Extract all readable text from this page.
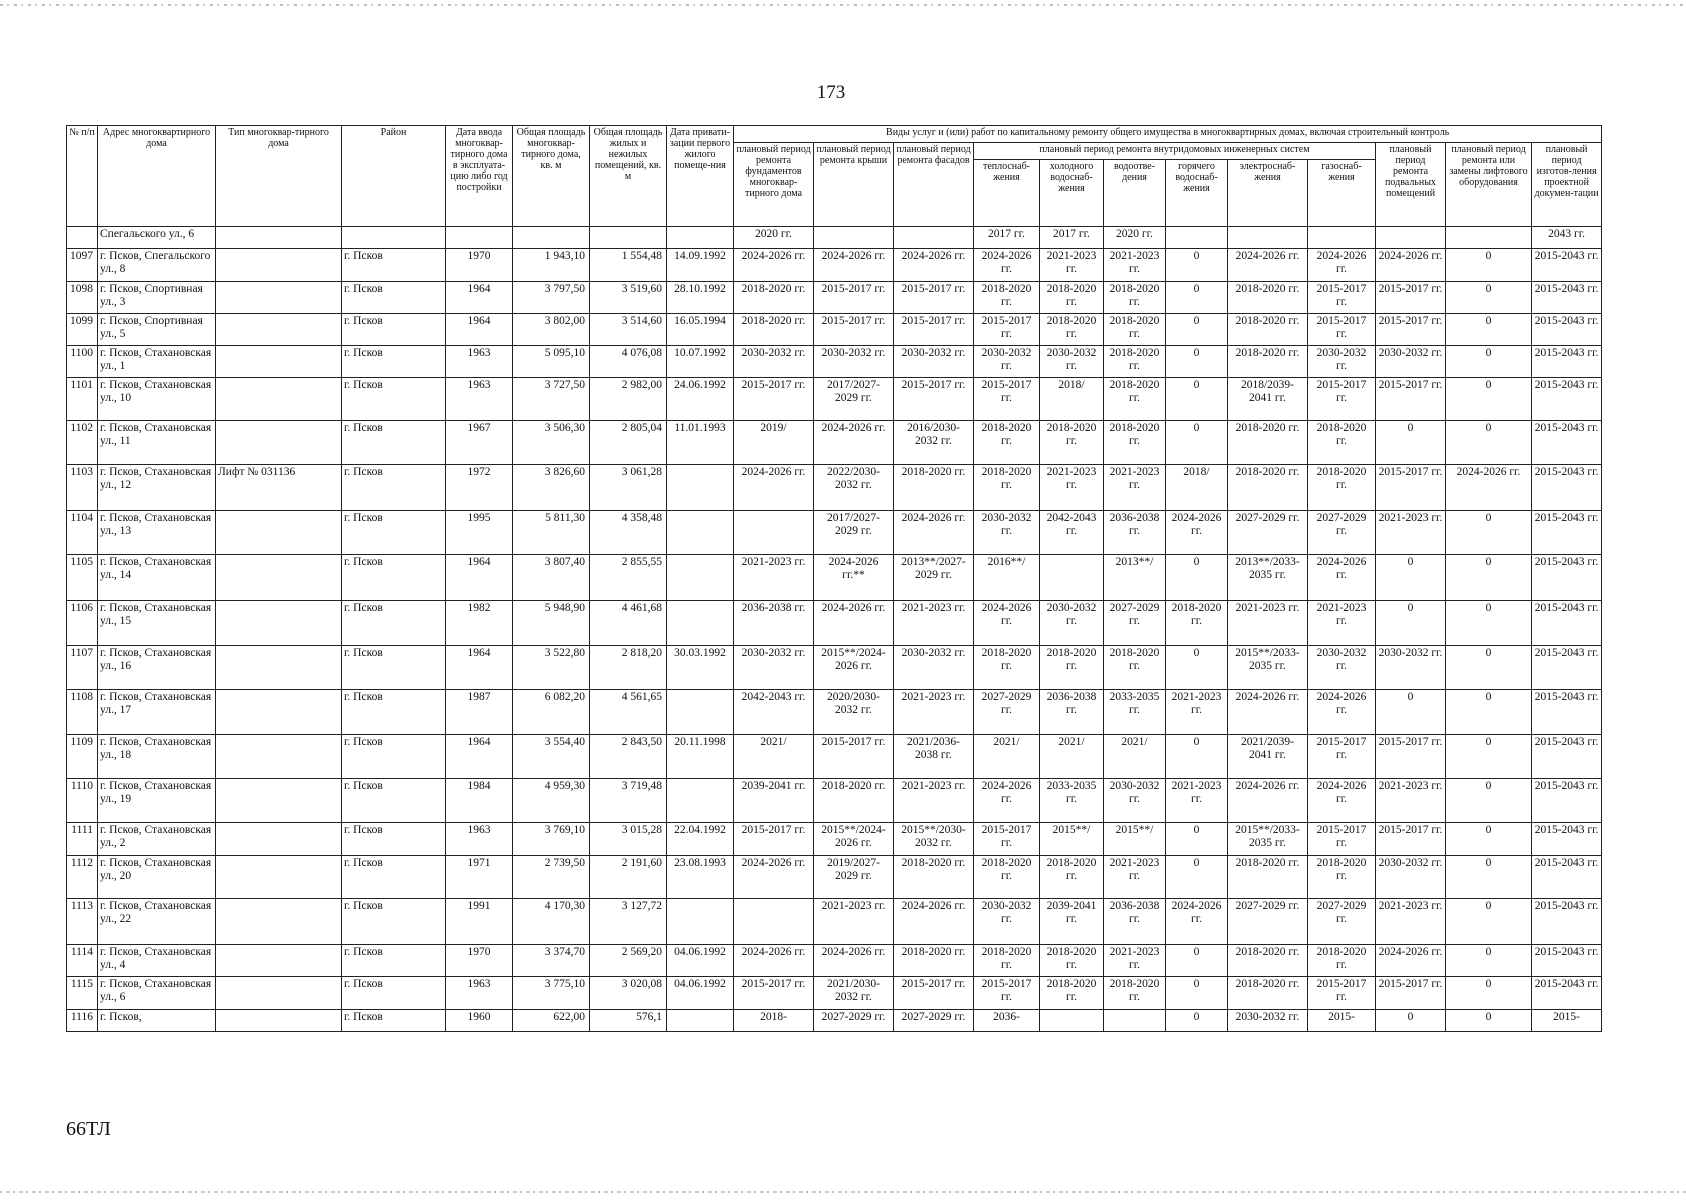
173
№ п/п	Адрес многоквартирного дома	Тип многоквар-тирного дома	Район	Дата ввода многоквар-тирного дома в эксплуата-цию либо год постройки	Общая площадь многоквар-тирного дома, кв. м	Общая площадь жилых и нежилых помещений, кв. м	Дата привати-зации первого жилого помеще-ния	Виды услуг и (или) работ по капитальному ремонту общего имущества в многоквартирных домах, включая строительный контроль											
								плановый период ремонта фундаментов многоквар-тирного дома	плановый период ремонта крыши	плановый период ремонта фасадов	плановый период ремонта внутридомовых инженерных систем						плановый период ремонта подвальных помещений	плановый период ремонта или замены лифтового оборудования	плановый период изготов-ления проектной докумен-тации
											теплоснаб-жения	холодного водоснаб-жения	водоотве-дения	горячего водоснаб-жения	электроснаб-жения	газоснаб-жения			
	Спегальского ул., 6							2020 гг.			2017 гг.	2017 гг.	2020 гг.						2043 гг.
1097	г. Псков, Спегальского ул., 8		г. Псков	1970	1 943,10	1 554,48	14.09.1992	2024-2026 гг.	2024-2026 гг.	2024-2026 гг.	2024-2026 гг.	2021-2023 гг.	2021-2023 гг.	0	2024-2026 гг.	2024-2026 гг.	2024-2026 гг.	0	2015-2043 гг.
1098	г. Псков, Спортивная ул., 3		г. Псков	1964	3 797,50	3 519,60	28.10.1992	2018-2020 гг.	2015-2017 гг.	2015-2017 гг.	2018-2020 гг.	2018-2020 гг.	2018-2020 гг.	0	2018-2020 гг.	2015-2017 гг.	2015-2017 гг.	0	2015-2043 гг.
1099	г. Псков, Спортивная ул., 5		г. Псков	1964	3 802,00	3 514,60	16.05.1994	2018-2020 гг.	2015-2017 гг.	2015-2017 гг.	2015-2017 гг.	2018-2020 гг.	2018-2020 гг.	0	2018-2020 гг.	2015-2017 гг.	2015-2017 гг.	0	2015-2043 гг.
1100	г. Псков, Стахановская ул., 1		г. Псков	1963	5 095,10	4 076,08	10.07.1992	2030-2032 гг.	2030-2032 гг.	2030-2032 гг.	2030-2032 гг.	2030-2032 гг.	2018-2020 гг.	0	2018-2020 гг.	2030-2032 гг.	2030-2032 гг.	0	2015-2043 гг.
1101	г. Псков, Стахановская ул., 10		г. Псков	1963	3 727,50	2 982,00	24.06.1992	2015-2017 гг.	2017/2027-2029 гг.	2015-2017 гг.	2015-2017 гг.	2018/	2018-2020 гг.	0	2018/2039-2041 гг.	2015-2017 гг.	2015-2017 гг.	0	2015-2043 гг.
1102	г. Псков, Стахановская ул., 11		г. Псков	1967	3 506,30	2 805,04	11.01.1993	2019/	2024-2026 гг.	2016/2030-2032 гг.	2018-2020 гг.	2018-2020 гг.	2018-2020 гг.	0	2018-2020 гг.	2018-2020 гг.	0	0	2015-2043 гг.
1103	г. Псков, Стахановская ул., 12	Лифт № 031136	г. Псков	1972	3 826,60	3 061,28		2024-2026 гг.	2022/2030-2032 гг.	2018-2020 гг.	2018-2020 гг.	2021-2023 гг.	2021-2023 гг.	2018/	2018-2020 гг.	2018-2020 гг.	2015-2017 гг.	2024-2026 гг.	2015-2043 гг.
1104	г. Псков, Стахановская ул., 13		г. Псков	1995	5 811,30	4 358,48			2017/2027-2029 гг.	2024-2026 гг.	2030-2032 гг.	2042-2043 гг.	2036-2038 гг.	2024-2026 гг.	2027-2029 гг.	2027-2029 гг.	2021-2023 гг.	0	2015-2043 гг.
1105	г. Псков, Стахановская ул., 14		г. Псков	1964	3 807,40	2 855,55		2021-2023 гг.	2024-2026 гг.**	2013**/2027-2029 гг.	2016**/		2013**/	0	2013**/2033-2035 гг.	2024-2026 гг.	0	0	2015-2043 гг.
1106	г. Псков, Стахановская ул., 15		г. Псков	1982	5 948,90	4 461,68		2036-2038 гг.	2024-2026 гг.	2021-2023 гг.	2024-2026 гг.	2030-2032 гг.	2027-2029 гг.	2018-2020 гг.	2021-2023 гг.	2021-2023 гг.	0	0	2015-2043 гг.
1107	г. Псков, Стахановская ул., 16		г. Псков	1964	3 522,80	2 818,20	30.03.1992	2030-2032 гг.	2015**/2024-2026 гг.	2030-2032 гг.	2018-2020 гг.	2018-2020 гг.	2018-2020 гг.	0	2015**/2033-2035 гг.	2030-2032 гг.	2030-2032 гг.	0	2015-2043 гг.
1108	г. Псков, Стахановская ул., 17		г. Псков	1987	6 082,20	4 561,65		2042-2043 гг.	2020/2030-2032 гг.	2021-2023 гг.	2027-2029 гг.	2036-2038 гг.	2033-2035 гг.	2021-2023 гг.	2024-2026 гг.	2024-2026 гг.	0	0	2015-2043 гг.
1109	г. Псков, Стахановская ул., 18		г. Псков	1964	3 554,40	2 843,50	20.11.1998	2021/	2015-2017 гг.	2021/2036-2038 гг.	2021/	2021/	2021/	0	2021/2039-2041 гг.	2015-2017 гг.	2015-2017 гг.	0	2015-2043 гг.
1110	г. Псков, Стахановская ул., 19		г. Псков	1984	4 959,30	3 719,48		2039-2041 гг.	2018-2020 гг.	2021-2023 гг.	2024-2026 гг.	2033-2035 гг.	2030-2032 гг.	2021-2023 гг.	2024-2026 гг.	2024-2026 гг.	2021-2023 гг.	0	2015-2043 гг.
1111	г. Псков, Стахановская ул., 2		г. Псков	1963	3 769,10	3 015,28	22.04.1992	2015-2017 гг.	2015**/2024-2026 гг.	2015**/2030-2032 гг.	2015-2017 гг.	2015**/	2015**/	0	2015**/2033-2035 гг.	2015-2017 гг.	2015-2017 гг.	0	2015-2043 гг.
1112	г. Псков, Стахановская ул., 20		г. Псков	1971	2 739,50	2 191,60	23.08.1993	2024-2026 гг.	2019/2027-2029 гг.	2018-2020 гг.	2018-2020 гг.	2018-2020 гг.	2021-2023 гг.	0	2018-2020 гг.	2018-2020 гг.	2030-2032 гг.	0	2015-2043 гг.
1113	г. Псков, Стахановская ул., 22		г. Псков	1991	4 170,30	3 127,72			2021-2023 гг.	2024-2026 гг.	2030-2032 гг.	2039-2041 гг.	2036-2038 гг.	2024-2026 гг.	2027-2029 гг.	2027-2029 гг.	2021-2023 гг.	0	2015-2043 гг.
1114	г. Псков, Стахановская ул., 4		г. Псков	1970	3 374,70	2 569,20	04.06.1992	2024-2026 гг.	2024-2026 гг.	2018-2020 гг.	2018-2020 гг.	2018-2020 гг.	2021-2023 гг.	0	2018-2020 гг.	2018-2020 гг.	2024-2026 гг.	0	2015-2043 гг.
1115	г. Псков, Стахановская ул., 6		г. Псков	1963	3 775,10	3 020,08	04.06.1992	2015-2017 гг.	2021/2030-2032 гг.	2015-2017 гг.	2015-2017 гг.	2018-2020 гг.	2018-2020 гг.	0	2018-2020 гг.	2015-2017 гг.	2015-2017 гг.	0	2015-2043 гг.
1116	г. Псков,		г. Псков	1960	622,00	576,1		2018-	2027-2029 гг.	2027-2029 гг.	2036-			0	2030-2032 гг.	2015-	0	0	2015-
66ТЛ
